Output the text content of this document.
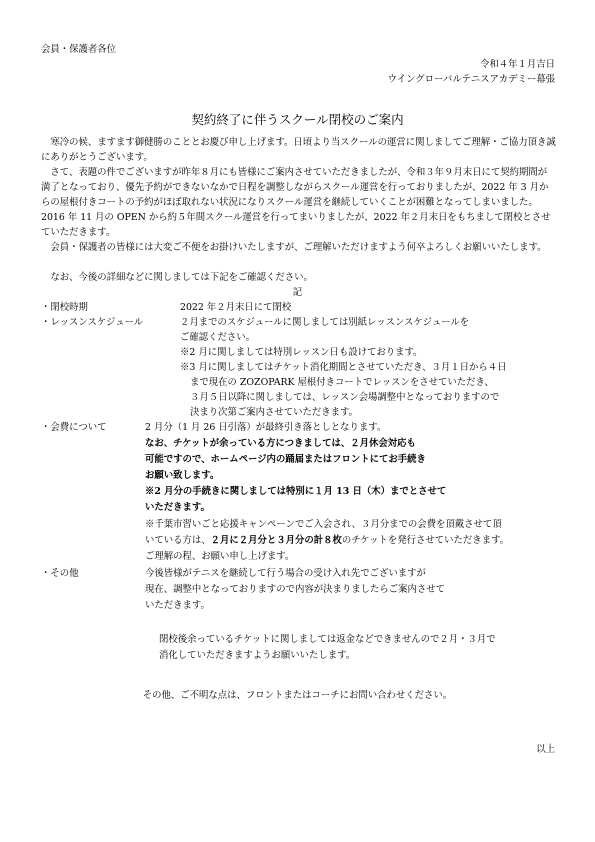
会員・保護者各位
令和４年１月吉日
ウイングローバルテニスアカデミー幕張
契約終了に伴うスクール閉校のご案内
寒冷の候、ますます御健勝のこととお慶び申し上げます。日頃より当スクールの運営に関しましてご理解・ご協力頂き誠にありがとうございます。
さて、表題の件でございますが昨年８月にも皆様にご案内させていただきましたが、令和３年９月末日にて契約期間が満了となっており、優先予約ができないなかで日程を調整しながらスクール運営を行っておりましたが、2022 年 3 月からの屋根付きコートの予約がほぼ取れない状況になりスクール運営を継続していくことが困難となってしまいました。2016 年 11 月の OPEN から約５年間スクール運営を行ってまいりましたが、2022 年２月末日をもちまして閉校とさせていただきます。
会員・保護者の皆様には大変ご不便をお掛けいたしますが、ご理解いただけますよう何卒よろしくお願いいたします。
なお、今後の詳細などに関しましては下記をご確認ください。
記
・閉校時期	2022 年２月末日にて閉校
・レッスンスケジュール	２月までのスケジュールに関しましては別紙レッスンスケジュールを
ご確認ください。
※2 月に関しましては特別レッスン日も設けております。
※3 月に関しましてはチケット消化期間とさせていただき、３月１日から４日
まで現在の ZOZOPARK 屋根付きコートでレッスンをさせていただき、
３月５日以降に関しましては、レッスン会場調整中となっておりますので
決まり次第ご案内させていただきます。
・会費について	2 月分（1 月 26 日引落）が最終引き落としとなります。
なお、チケットが余っている方につきましては、２月休会対応も
可能ですので、ホームページ内の踊届またはフロントにてお手続き
お願い致します。
※2 月分の手続きに関しましては特別に１月 13 日（木）までとさせて
いただきます。
※千葉市習いごと応援キャンペーンでご入会され、３月分までの会費を頂戴させて頂
いている方は、２月に２月分と３月分の計８枚のチケットを発行させていただきます。
ご理解の程、お願い申し上げます。
・その他	今後皆様がテニスを継続して行う場合の受け入れ先でございますが
現在、調整中となっておりますので内容が決まりましたらご案内させて
いただきます。
閉校後余っているチケットに関しましては返金などできませんので２月・３月で
消化していただきますようお願いいたします。
その他、ご不明な点は、フロントまたはコーチにお問い合わせください。
以上
